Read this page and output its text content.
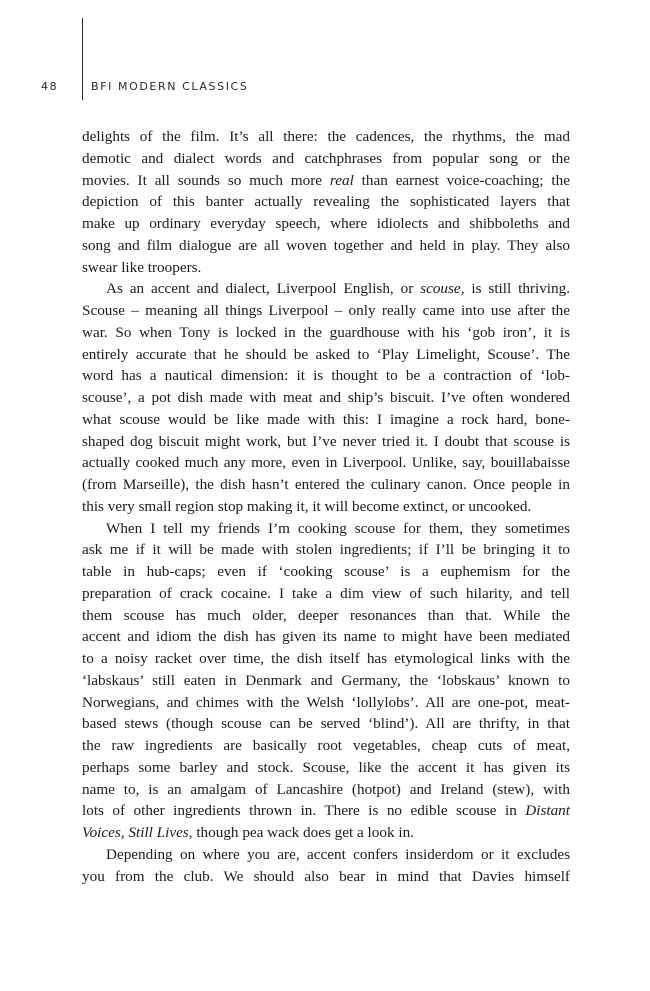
48	BFI MODERN CLASSICS
delights of the film. It’s all there: the cadences, the rhythms, the mad
demotic and dialect words and catchphrases from popular song or the
movies. It all sounds so much more real than earnest voice-coaching; the
depiction of this banter actually revealing the sophisticated layers that
make up ordinary everyday speech, where idiolects and shibboleths and
song and film dialogue are all woven together and held in play. They also
swear like troopers.
As an accent and dialect, Liverpool English, or scouse, is still thriving.
Scouse – meaning all things Liverpool – only really came into use after the
war. So when Tony is locked in the guardhouse with his ‘gob iron’, it is
entirely accurate that he should be asked to ‘Play Limelight, Scouse’. The
word has a nautical dimension: it is thought to be a contraction of ‘lob-
scouse’, a pot dish made with meat and ship’s biscuit. I’ve often wondered
what scouse would be like made with this: I imagine a rock hard, bone-
shaped dog biscuit might work, but I’ve never tried it. I doubt that scouse is
actually cooked much any more, even in Liverpool. Unlike, say, bouillabaisse
(from Marseille), the dish hasn’t entered the culinary canon. Once people in
this very small region stop making it, it will become extinct, or uncooked.
When I tell my friends I’m cooking scouse for them, they sometimes
ask me if it will be made with stolen ingredients; if I’ll be bringing it to
table in hub-caps; even if ‘cooking scouse’ is a euphemism for the
preparation of crack cocaine. I take a dim view of such hilarity, and tell
them scouse has much older, deeper resonances than that. While the
accent and idiom the dish has given its name to might have been mediated
to a noisy racket over time, the dish itself has etymological links with the
‘labskaus’ still eaten in Denmark and Germany, the ‘lobskaus’ known to
Norwegians, and chimes with the Welsh ‘lollylobs’. All are one-pot, meat-
based stews (though scouse can be served ‘blind’). All are thrifty, in that
the raw ingredients are basically root vegetables, cheap cuts of meat,
perhaps some barley and stock. Scouse, like the accent it has given its
name to, is an amalgam of Lancashire (hotpot) and Ireland (stew), with
lots of other ingredients thrown in. There is no edible scouse in Distant
Voices, Still Lives, though pea wack does get a look in.
Depending on where you are, accent confers insiderdom or it excludes
you from the club. We should also bear in mind that Davies himself
